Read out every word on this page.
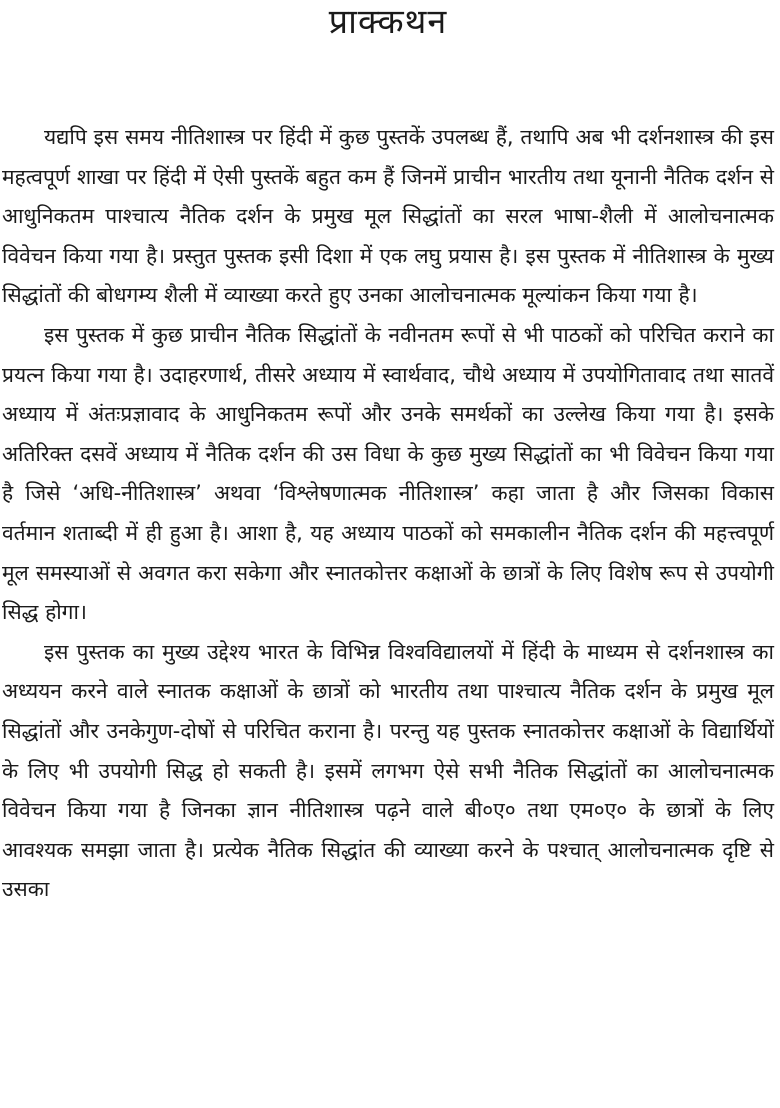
प्राक्कथन

यद्यपि इस समय नीतिशास्त्र पर हिंदी में कुछ पुस्तकें उपलब्ध हैं, तथापि अब भी दर्शनशास्त्र की इस महत्वपूर्ण शाखा पर हिंदी में ऐसी पुस्तकें बहुत कम हैं जिनमें प्राचीन भारतीय तथा यूनानी नैतिक दर्शन से आधुनिकतम पाश्चात्य नैतिक दर्शन के प्रमुख मूल सिद्धांतों का सरल भाषा-शैली में आलोचनात्मक विवेचन किया गया है। प्रस्तुत पुस्तक इसी दिशा में एक लघु प्रयास है। इस पुस्तक में नीतिशास्त्र के मुख्य सिद्धांतों की बोधगम्य शैली में व्याख्या करते हुए उनका आलोचनात्मक मूल्यांकन किया गया है।

इस पुस्तक में कुछ प्राचीन नैतिक सिद्धांतों के नवीनतम रूपों से भी पाठकों को परिचित कराने का प्रयत्न किया गया है। उदाहरणार्थ, तीसरे अध्याय में स्वार्थवाद, चौथे अध्याय में उपयोगितावाद तथा सातवें अध्याय में अंतःप्रज्ञावाद के आधुनिकतम रूपों और उनके समर्थकों का उल्लेख किया गया है। इसके अतिरिक्त दसवें अध्याय में नैतिक दर्शन की उस विधा के कुछ मुख्य सिद्धांतों का भी विवेचन किया गया है जिसे ‘अधि-नीतिशास्त्र’ अथवा ‘विश्लेषणात्मक नीतिशास्त्र’ कहा जाता है और जिसका विकास वर्तमान शताब्दी में ही हुआ है। आशा है, यह अध्याय पाठकों को समकालीन नैतिक दर्शन की महत्त्वपूर्ण मूल समस्याओं से अवगत करा सकेगा और स्नातकोत्तर कक्षाओं के छात्रों के लिए विशेष रूप से उपयोगी सिद्ध होगा।

इस पुस्तक का मुख्य उद्देश्य भारत के विभिन्न विश्वविद्यालयों में हिंदी के माध्यम से दर्शनशास्त्र का अध्ययन करने वाले स्नातक कक्षाओं के छात्रों को भारतीय तथा पाश्चात्य नैतिक दर्शन के प्रमुख मूल सिद्धांतों और उनकेगुण-दोषों से परिचित कराना है। परन्तु यह पुस्तक स्नातकोत्तर कक्षाओं के विद्यार्थियों के लिए भी उपयोगी सिद्ध हो सकती है। इसमें लगभग ऐसे सभी नैतिक सिद्धांतों का आलोचनात्मक विवेचन किया गया है जिनका ज्ञान नीतिशास्त्र पढ़ने वाले बी०ए० तथा एम०ए० के छात्रों के लिए आवश्यक समझा जाता है। प्रत्येक नैतिक सिद्धांत की व्याख्या करने के पश्चात् आलोचनात्मक दृष्टि से उसका
